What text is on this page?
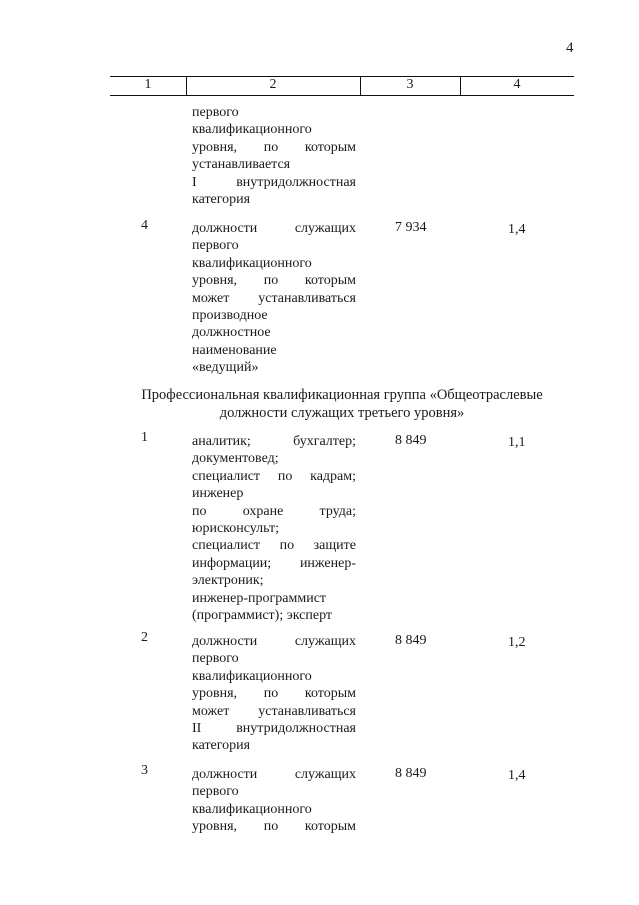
4
1	2	3	4
первого
квалификационного
уровня, по которым
устанавливается
I внутридолжностная
категория
4	должности служащих
первого
квалификационного
уровня, по которым
может устанавливаться
производное
должностное
наименование
«ведущий»
7 934	1,4
Профессиональная квалификационная группа «Общеотраслевые
должности служащих третьего уровня»
1	аналитик; бухгалтер;
документовед;
специалист по кадрам;
инженер
по охране труда;
юрисконсульт;
специалист по защите
информации; инженер-
электроник;
инженер-программист
(программист); эксперт
8 849	1,1
2	должности служащих
первого
квалификационного
уровня, по которым
может устанавливаться
II внутридолжностная
категория
8 849	1,2
3	должности служащих
первого
квалификационного
уровня, по которым
8 849	1,4
